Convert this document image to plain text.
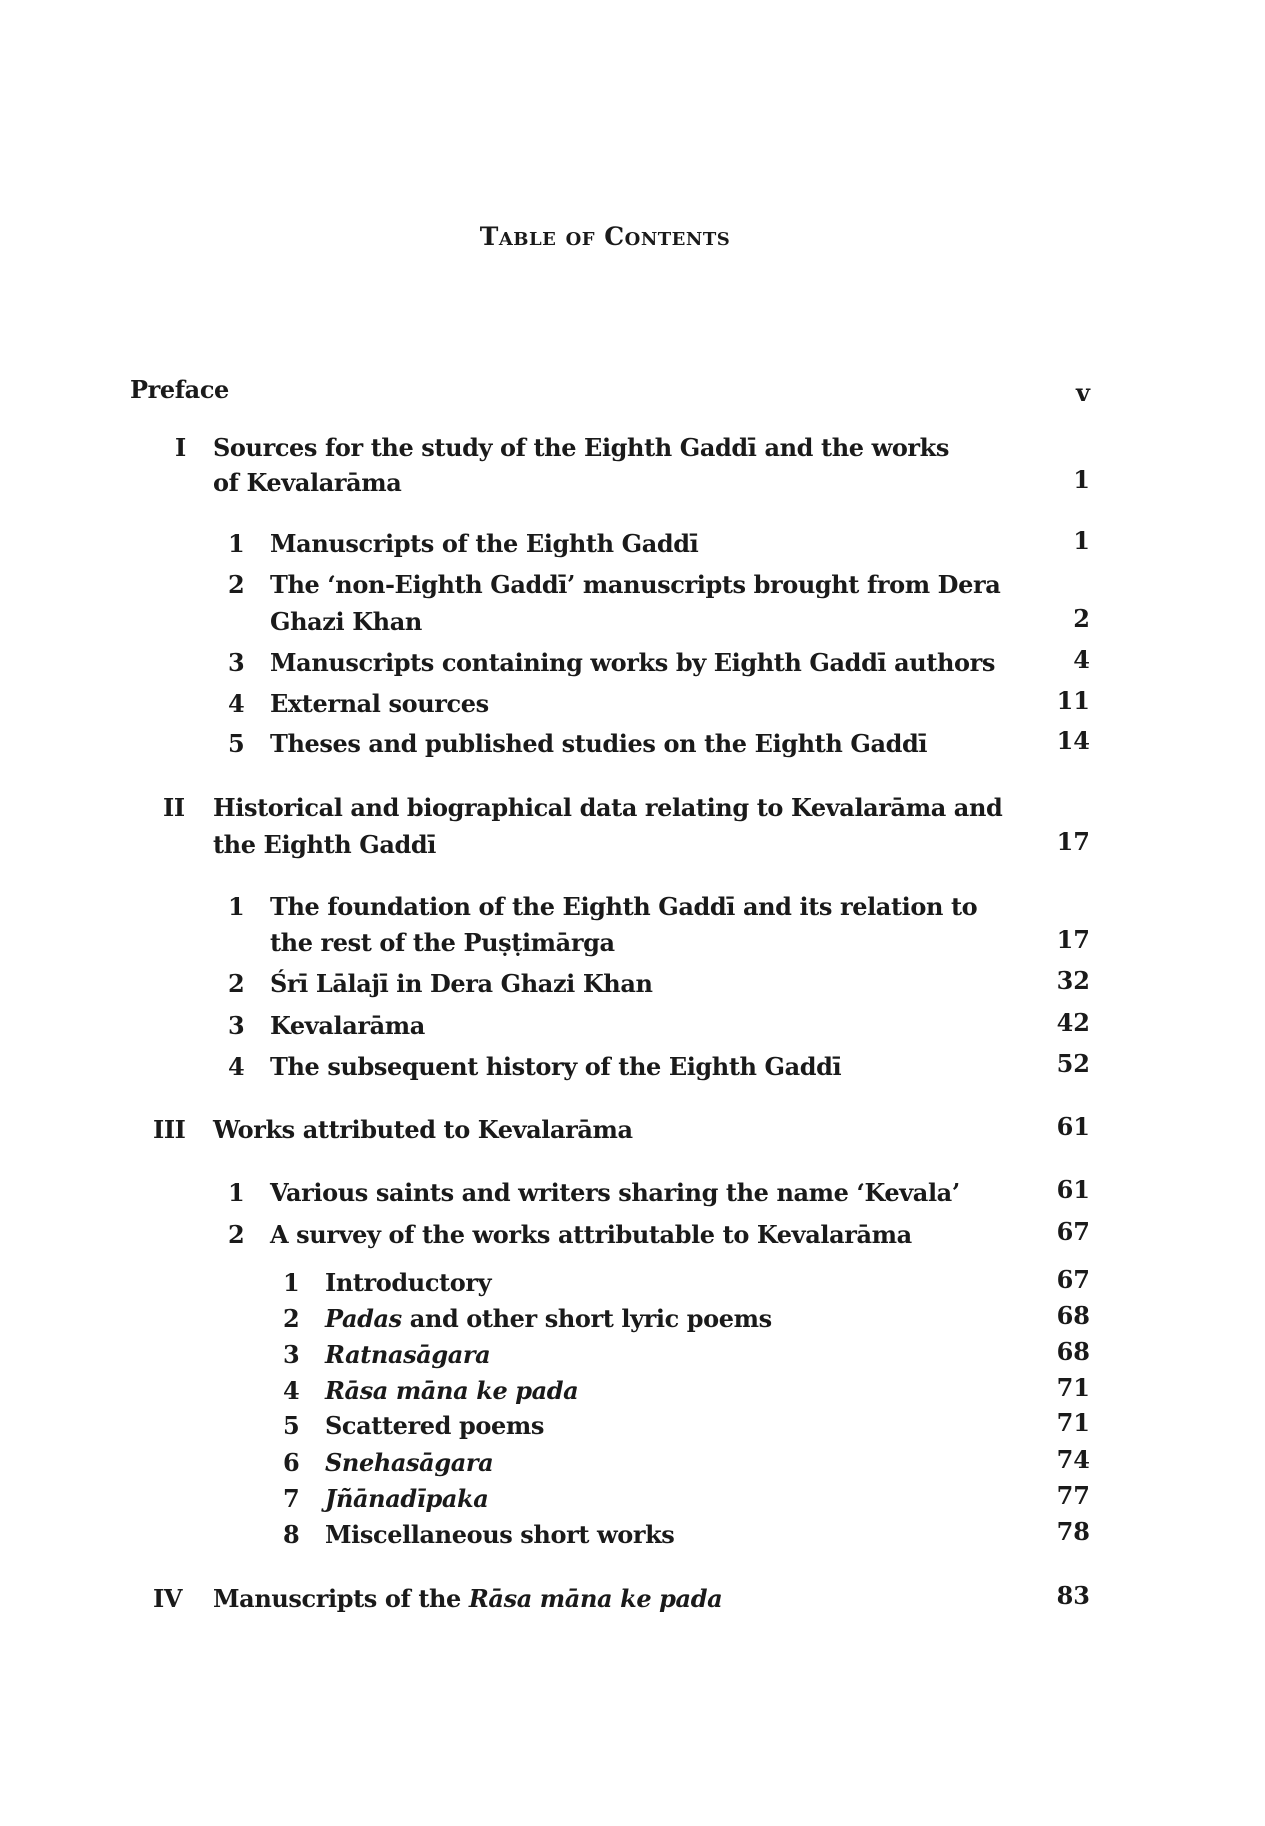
Table of Contents
Preface	v
I Sources for the study of the Eighth Gaddī and the works
of Kevalarāma	1
1 Manuscripts of the Eighth Gaddī	1
2 The ‘non-Eighth Gaddī’ manuscripts brought from Dera
Ghazi Khan	2
3 Manuscripts containing works by Eighth Gaddī authors	4
4 External sources	11
5 Theses and published studies on the Eighth Gaddī	14
II Historical and biographical data relating to Kevalarāma and
the Eighth Gaddī	17
1 The foundation of the Eighth Gaddī and its relation to
the rest of the Puṣṭimārga	17
2 Śrī Lālajī in Dera Ghazi Khan	32
3 Kevalarāma	42
4 The subsequent history of the Eighth Gaddī	52
III Works attributed to Kevalarāma	61
1 Various saints and writers sharing the name ‘Kevala’	61
2 A survey of the works attributable to Kevalarāma	67
1 Introductory	67
2 Padas and other short lyric poems	68
3 Ratnasāgara	68
4 Rāsa māna ke pada	71
5 Scattered poems	71
6 Snehasāgara	74
7 Jñānadīpaka	77
8 Miscellaneous short works	78
IV Manuscripts of the Rāsa māna ke pada	83
